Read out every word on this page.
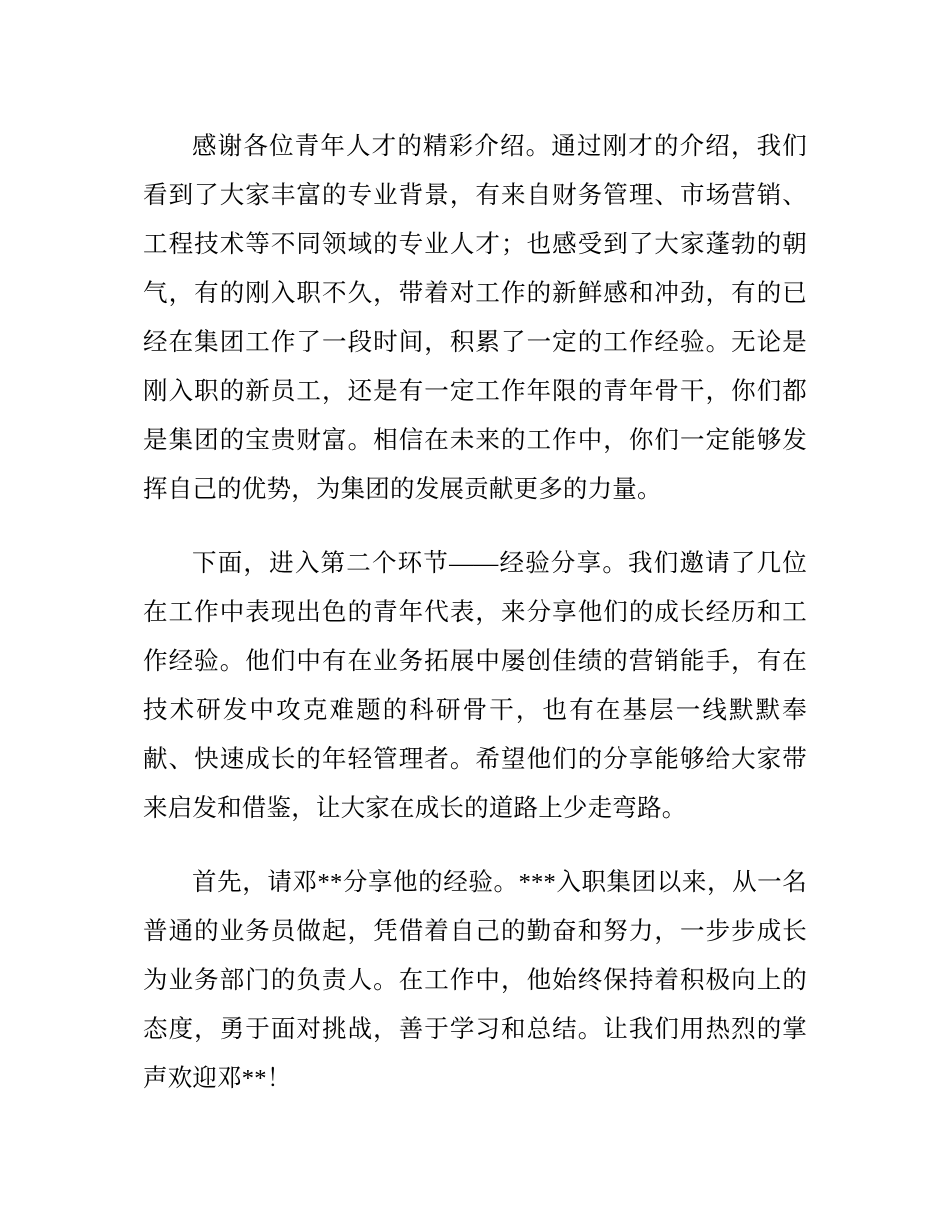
感谢各位青年人才的精彩介绍。通过刚才的介绍，我们看到了大家丰富的专业背景，有来自财务管理、市场营销、工程技术等不同领域的专业人才；也感受到了大家蓬勃的朝气，有的刚入职不久，带着对工作的新鲜感和冲劲，有的已经在集团工作了一段时间，积累了一定的工作经验。无论是刚入职的新员工，还是有一定工作年限的青年骨干，你们都是集团的宝贵财富。相信在未来的工作中，你们一定能够发挥自己的优势，为集团的发展贡献更多的力量。

下面，进入第二个环节——经验分享。我们邀请了几位在工作中表现出色的青年代表，来分享他们的成长经历和工作经验。他们中有在业务拓展中屡创佳绩的营销能手，有在技术研发中攻克难题的科研骨干，也有在基层一线默默奉献、快速成长的年轻管理者。希望他们的分享能够给大家带来启发和借鉴，让大家在成长的道路上少走弯路。

首先，请邓**分享他的经验。***入职集团以来，从一名普通的业务员做起，凭借着自己的勤奋和努力，一步步成长为业务部门的负责人。在工作中，他始终保持着积极向上的态度，勇于面对挑战，善于学习和总结。让我们用热烈的掌声欢迎邓**！
